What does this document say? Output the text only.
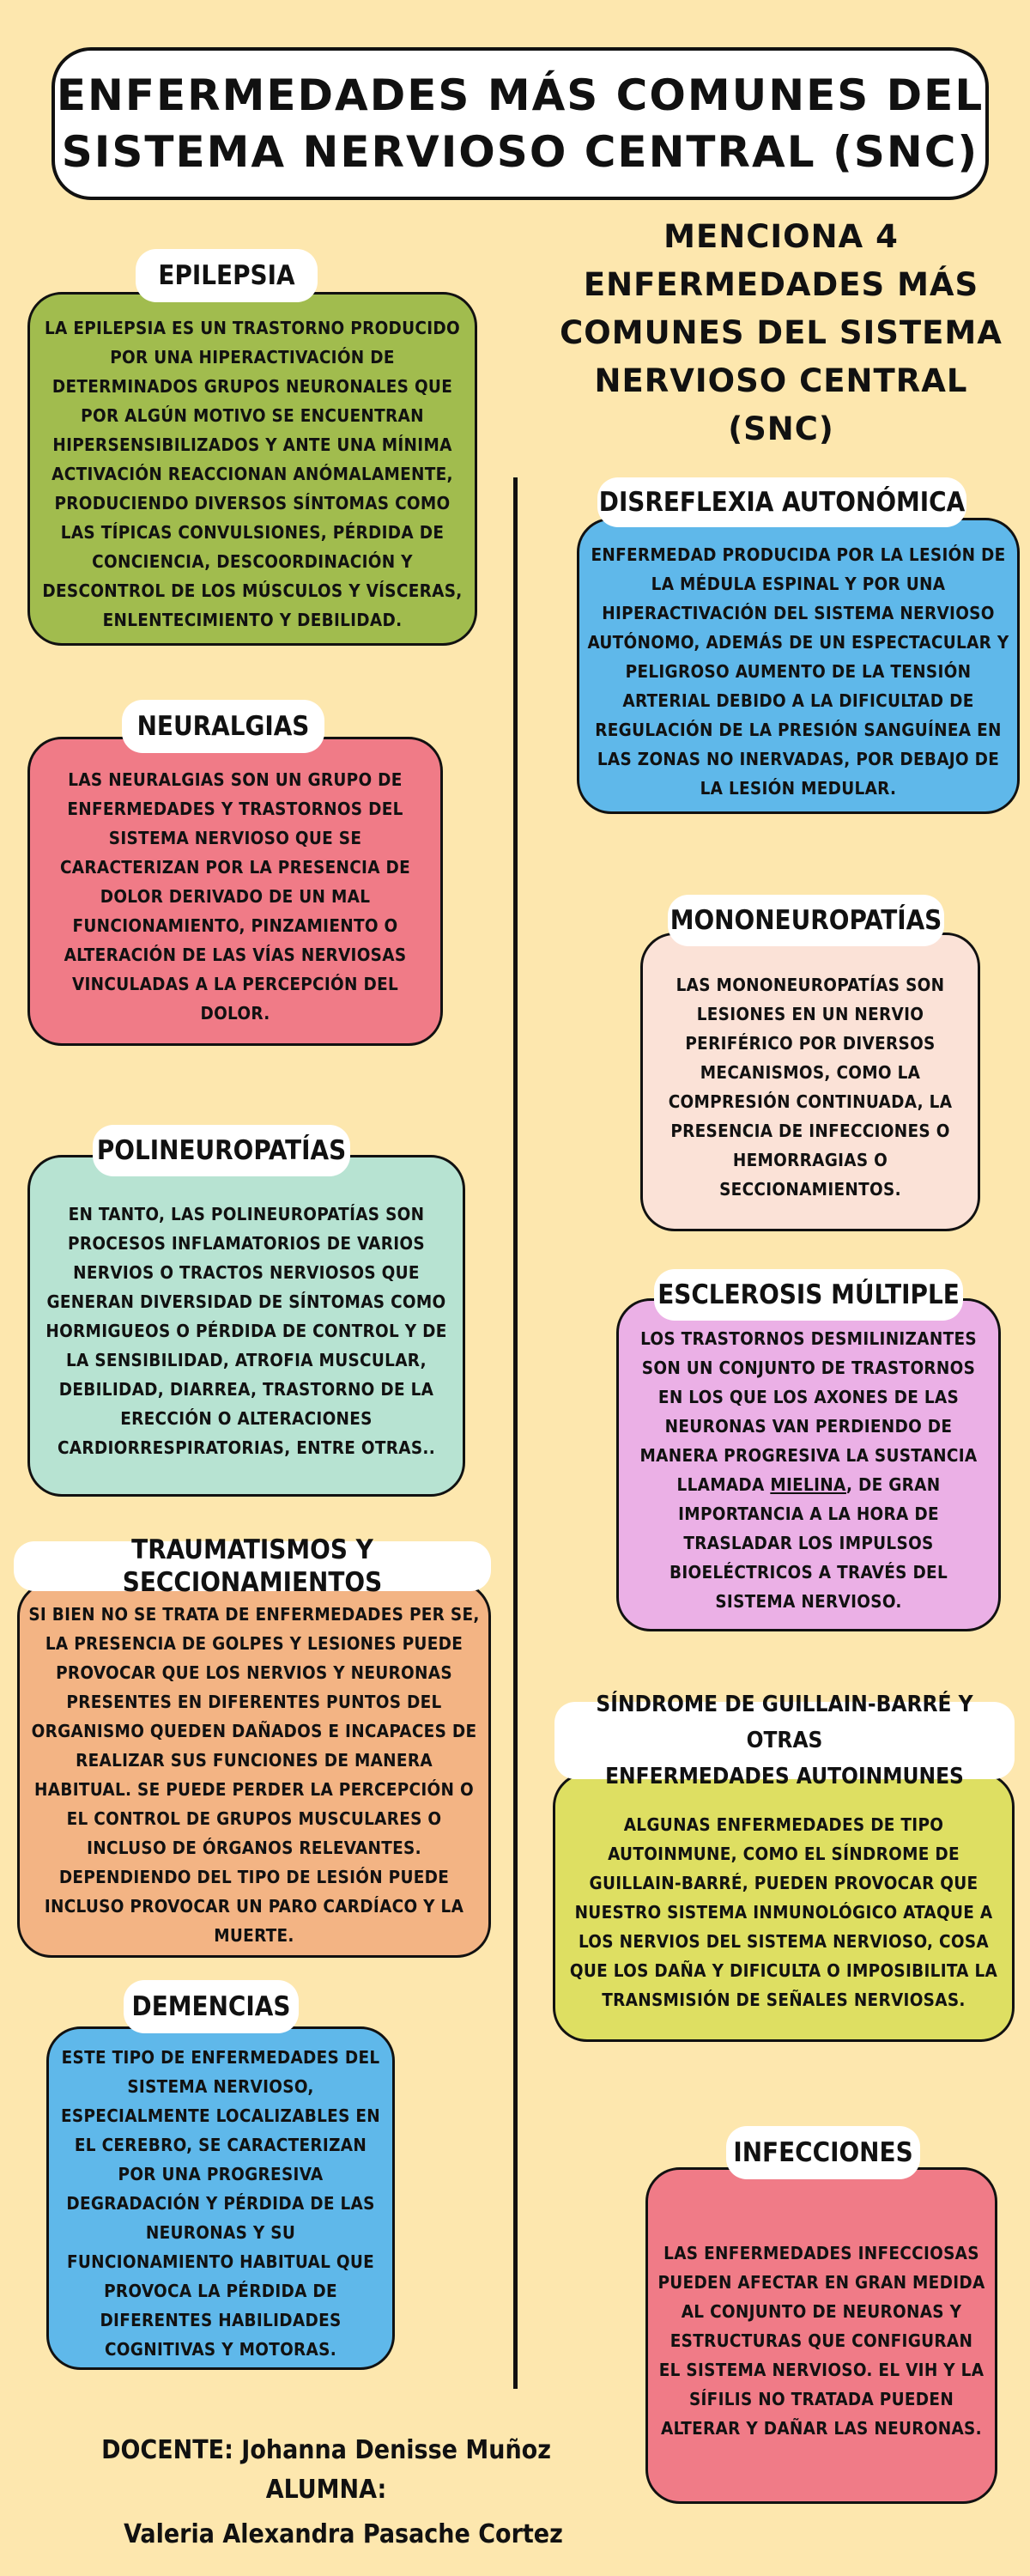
ENFERMEDADES MÁS COMUNES DEL
SISTEMA NERVIOSO CENTRAL (SNC)
MENCIONA 4
ENFERMEDADES MÁS
COMUNES DEL SISTEMA
NERVIOSO CENTRAL
(SNC)
EPILEPSIA
LA EPILEPSIA ES UN TRASTORNO PRODUCIDO POR UNA HIPERACTIVACIÓN DE DETERMINADOS GRUPOS NEURONALES QUE POR ALGÚN MOTIVO SE ENCUENTRAN HIPERSENSIBILIZADOS Y ANTE UNA MÍNIMA ACTIVACIÓN REACCIONAN ANÓMALAMENTE, PRODUCIENDO DIVERSOS SÍNTOMAS COMO LAS TÍPICAS CONVULSIONES, PÉRDIDA DE CONCIENCIA, DESCOORDINACIÓN Y DESCONTROL DE LOS MÚSCULOS Y VÍSCERAS, ENLENTECIMIENTO Y DEBILIDAD.
NEURALGIAS
LAS NEURALGIAS SON UN GRUPO DE ENFERMEDADES Y TRASTORNOS DEL SISTEMA NERVIOSO QUE SE CARACTERIZAN POR LA PRESENCIA DE DOLOR DERIVADO DE UN MAL FUNCIONAMIENTO, PINZAMIENTO O ALTERACIÓN DE LAS VÍAS NERVIOSAS VINCULADAS A LA PERCEPCIÓN DEL DOLOR.
POLINEUROPATÍAS
EN TANTO, LAS POLINEUROPATÍAS SON PROCESOS INFLAMATORIOS DE VARIOS NERVIOS O TRACTOS NERVIOSOS QUE GENERAN DIVERSIDAD DE SÍNTOMAS COMO HORMIGUEOS O PÉRDIDA DE CONTROL Y DE LA SENSIBILIDAD, ATROFIA MUSCULAR, DEBILIDAD, DIARREA, TRASTORNO DE LA ERECCIÓN O ALTERACIONES CARDIORRESPIRATORIAS, ENTRE OTRAS..
TRAUMATISMOS Y SECCIONAMIENTOS
SI BIEN NO SE TRATA DE ENFERMEDADES PER SE, LA PRESENCIA DE GOLPES Y LESIONES PUEDE PROVOCAR QUE LOS NERVIOS Y NEURONAS PRESENTES EN DIFERENTES PUNTOS DEL ORGANISMO QUEDEN DAÑADOS E INCAPACES DE REALIZAR SUS FUNCIONES DE MANERA HABITUAL. SE PUEDE PERDER LA PERCEPCIÓN O EL CONTROL DE GRUPOS MUSCULARES O INCLUSO DE ÓRGANOS RELEVANTES. DEPENDIENDO DEL TIPO DE LESIÓN PUEDE INCLUSO PROVOCAR UN PARO CARDÍACO Y LA MUERTE.
DEMENCIAS
ESTE TIPO DE ENFERMEDADES DEL SISTEMA NERVIOSO, ESPECIALMENTE LOCALIZABLES EN EL CEREBRO, SE CARACTERIZAN POR UNA PROGRESIVA DEGRADACIÓN Y PÉRDIDA DE LAS NEURONAS Y SU FUNCIONAMIENTO HABITUAL QUE PROVOCA LA PÉRDIDA DE DIFERENTES HABILIDADES COGNITIVAS Y MOTORAS.
DISREFLEXIA AUTONÓMICA
ENFERMEDAD PRODUCIDA POR LA LESIÓN DE LA MÉDULA ESPINAL Y POR UNA HIPERACTIVACIÓN DEL SISTEMA NERVIOSO AUTÓNOMO, ADEMÁS DE UN ESPECTACULAR Y PELIGROSO AUMENTO DE LA TENSIÓN ARTERIAL DEBIDO A LA DIFICULTAD DE REGULACIÓN DE LA PRESIÓN SANGUÍNEA EN LAS ZONAS NO INERVADAS, POR DEBAJO DE LA LESIÓN MEDULAR.
MONONEUROPATÍAS
LAS MONONEUROPATÍAS SON LESIONES EN UN NERVIO PERIFÉRICO POR DIVERSOS MECANISMOS, COMO LA COMPRESIÓN CONTINUADA, LA PRESENCIA DE INFECCIONES O HEMORRAGIAS O SECCIONAMIENTOS.
ESCLEROSIS MÚLTIPLE
LOS TRASTORNOS DESMILINIZANTES SON UN CONJUNTO DE TRASTORNOS EN LOS QUE LOS AXONES DE LAS NEURONAS VAN PERDIENDO DE MANERA PROGRESIVA LA SUSTANCIA LLAMADA MIELINA, DE GRAN IMPORTANCIA A LA HORA DE TRASLADAR LOS IMPULSOS BIOELÉCTRICOS A TRAVÉS DEL SISTEMA NERVIOSO.
SÍNDROME DE GUILLAIN-BARRÉ Y OTRAS
ENFERMEDADES AUTOINMUNES
ALGUNAS ENFERMEDADES DE TIPO AUTOINMUNE, COMO EL SÍNDROME DE GUILLAIN-BARRÉ, PUEDEN PROVOCAR QUE NUESTRO SISTEMA INMUNOLÓGICO ATAQUE A LOS NERVIOS DEL SISTEMA NERVIOSO, COSA QUE LOS DAÑA Y DIFICULTA O IMPOSIBILITA LA TRANSMISIÓN DE SEÑALES NERVIOSAS.
INFECCIONES
LAS ENFERMEDADES INFECCIOSAS PUEDEN AFECTAR EN GRAN MEDIDA AL CONJUNTO DE NEURONAS Y ESTRUCTURAS QUE CONFIGURAN EL SISTEMA NERVIOSO. EL VIH Y LA SÍFILIS NO TRATADA PUEDEN ALTERAR Y DAÑAR LAS NEURONAS.
DOCENTE: Johanna Denisse Muñoz
ALUMNA:
Valeria Alexandra Pasache Cortez
